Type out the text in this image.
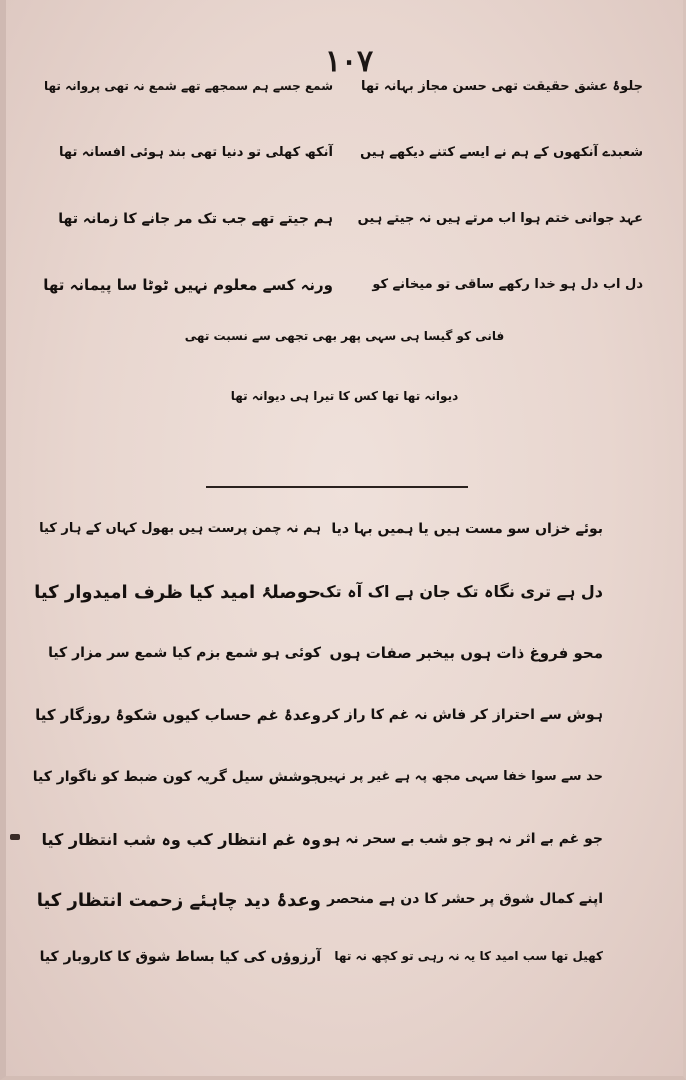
۱۰۷
جلوۂ عشق حقیقت تھی حسن مجاز بہانہ تھا
شمع جسے ہم سمجھے تھے شمع نہ تھی پروانہ تھا
شعبدے آنکھوں کے ہم نے ایسے کتنے دیکھے ہیں
آنکھ کھلی تو دنیا تھی بند ہوئی افسانہ تھا
عہد جوانی ختم ہوا اب مرتے ہیں نہ جیتے ہیں
ہم جیتے تھے جب تک مر جانے کا زمانہ تھا
دل اب دل ہو خدا رکھے ساقی تو میخانے کو
ورنہ کسے معلوم نہیں ٹوٹا سا پیمانہ تھا
فانی کو گیسا ہی سہی پھر بھی تجھی سے نسبت تھی
دیوانہ تھا تھا کس کا تیرا ہی دیوانہ تھا
بوئے خزاں سو مست ہیں یا ہمیں بہا دیا
ہم نہ چمن پرست ہیں بھول کہاں کے ہار کیا
دل ہے تری نگاہ تک جان ہے اک آہ تک
حوصلۂ امید کیا ظرف امیدوار کیا
محو فروغ ذات ہوں بیخبر صفات ہوں
کوئی ہو شمع بزم کیا شمع سر مزار کیا
ہوش سے احتراز کر فاش نہ غم کا راز کر
وعدۂ غم حساب کیوں شکوۂ روزگار کیا
حد سے سوا خفا سہی مجھ پہ ہے غیر پر نہیں
جوشش سیل گریہ کون ضبط کو ناگوار کیا
جو غم بے اثر نہ ہو جو شب بے سحر نہ ہو
وہ غم انتظار کب وہ شب انتظار کیا
اپنے کمال شوق پر حشر کا دن ہے منحصر
وعدۂ دید چاہئے زحمت انتظار کیا
کھیل تھا سب امید کا یہ نہ رہی تو کچھ نہ تھا
آرزوؤں کی کیا بساط شوق کا کاروبار کیا
